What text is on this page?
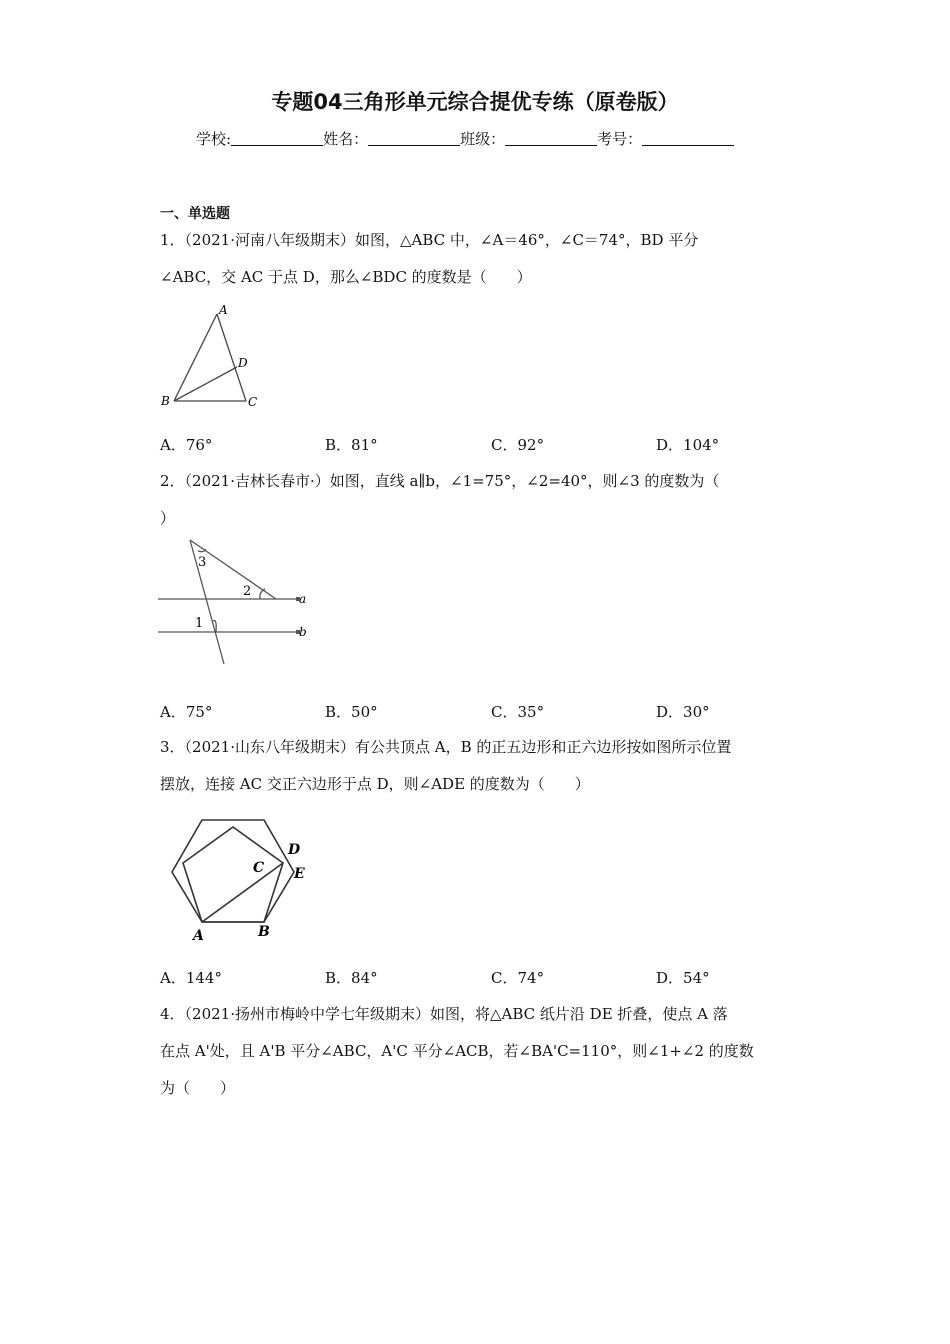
专题04三角形单元综合提优专练（原卷版）
学校:	姓名：	班级：	考号：
一、单选题
1．（2021·河南八年级期末）如图，△ABC 中，∠A＝46°，∠C＝74°，BD 平分
∠ABC，交 AC 于点 D，那么∠BDC 的度数是（　　）
A
B	C
D
A．76°	B．81°	C．92°	D．104°
2．（2021·吉林长春市·）如图，直线 a∥b，∠1=75°，∠2=40°，则∠3 的度数为（
）
3
2
1
a
b
A．75°	B．50°	C．35°	D．30°
3．（2021·山东八年级期末）有公共顶点 A，B 的正五边形和正六边形按如图所示位置
摆放，连接 AC 交正六边形于点 D，则∠ADE 的度数为（　　）
C
D
E
A	B
A．144°	B．84°	C．74°	D．54°
4．（2021·扬州市梅岭中学七年级期末）如图，将△ABC 纸片沿 DE 折叠，使点 A 落
在点 A'处，且 A'B 平分∠ABC，A'C 平分∠ACB，若∠BA'C=110°，则∠1+∠2 的度数
为（　　）
